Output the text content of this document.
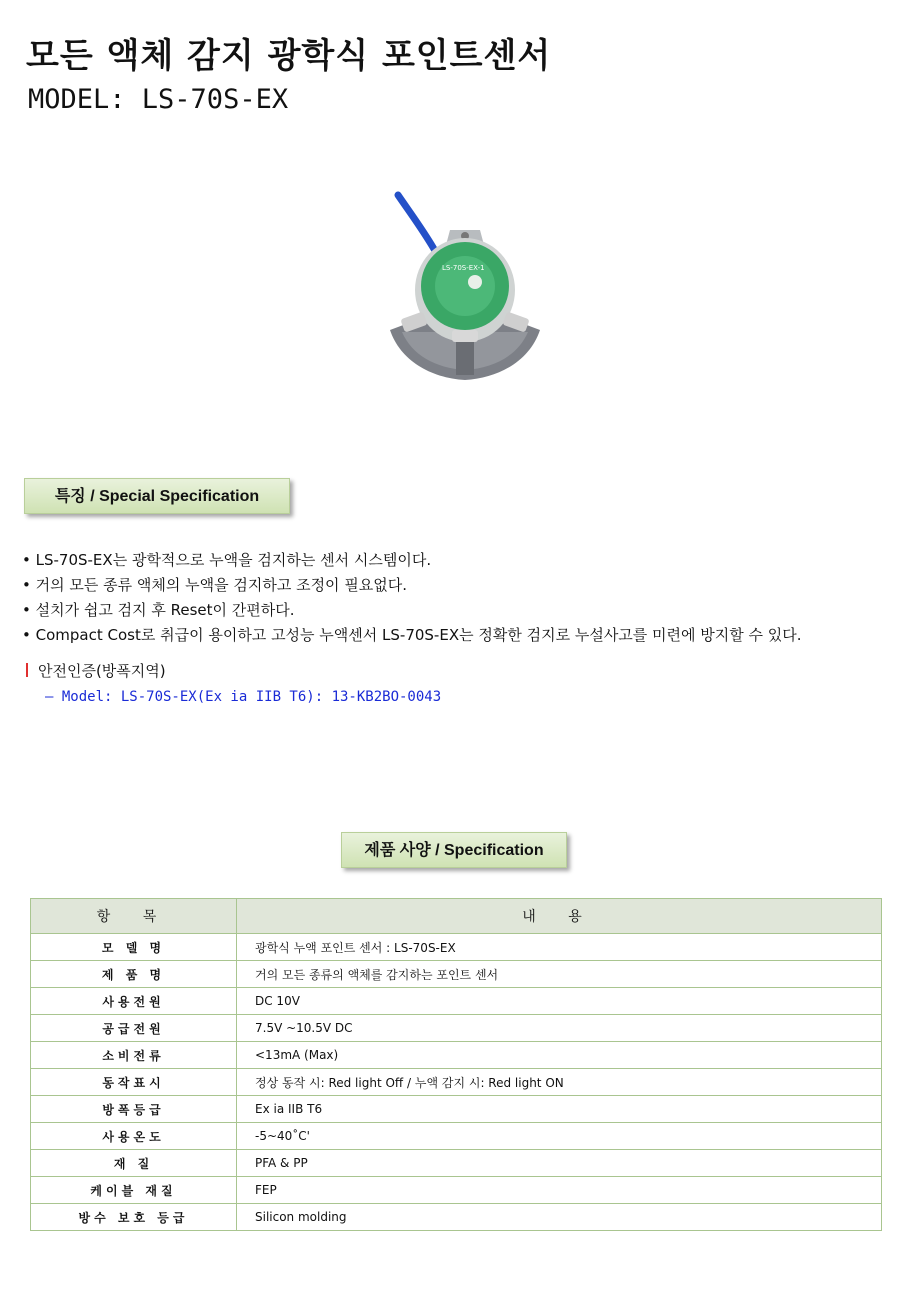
모든 액체 감지 광학식 포인트센서
MODEL: LS-70S-EX
LS-70S-EX-1
특징 / Special Specification
• LS-70S-EX는 광학적으로 누액을 검지하는 센서 시스템이다.
• 거의 모든 종류 액체의 누액을 검지하고 조정이 필요없다.
• 설치가 쉽고 검지 후 Reset이 간편하다.
• Compact Cost로 취급이 용이하고 고성능 누액센서 LS-70S-EX는 정확한 검지로 누설사고를 미련에 방지할 수 있다.
안전인증(방폭지역)
– Model: LS-70S-EX(Ex ia IIB T6): 13-KB2BO-0043
제품 사양 / Specification
항 목	내 용
모 델 명	광학식 누액 포인트 센서 : LS-70S-EX
제 품 명	거의 모든 종류의 액체를 감지하는 포인트 센서
사용전원	DC 10V
공급전원	7.5V ~10.5V DC
소비전류	<13mA (Max)
동작표시	정상 동작 시: Red light Off / 누액 감지 시: Red light ON
방폭등급	Ex ia IIB T6
사용온도	-5~40˚C'
재 질	PFA & PP
케이블 재질	FEP
방수 보호 등급	Silicon molding
